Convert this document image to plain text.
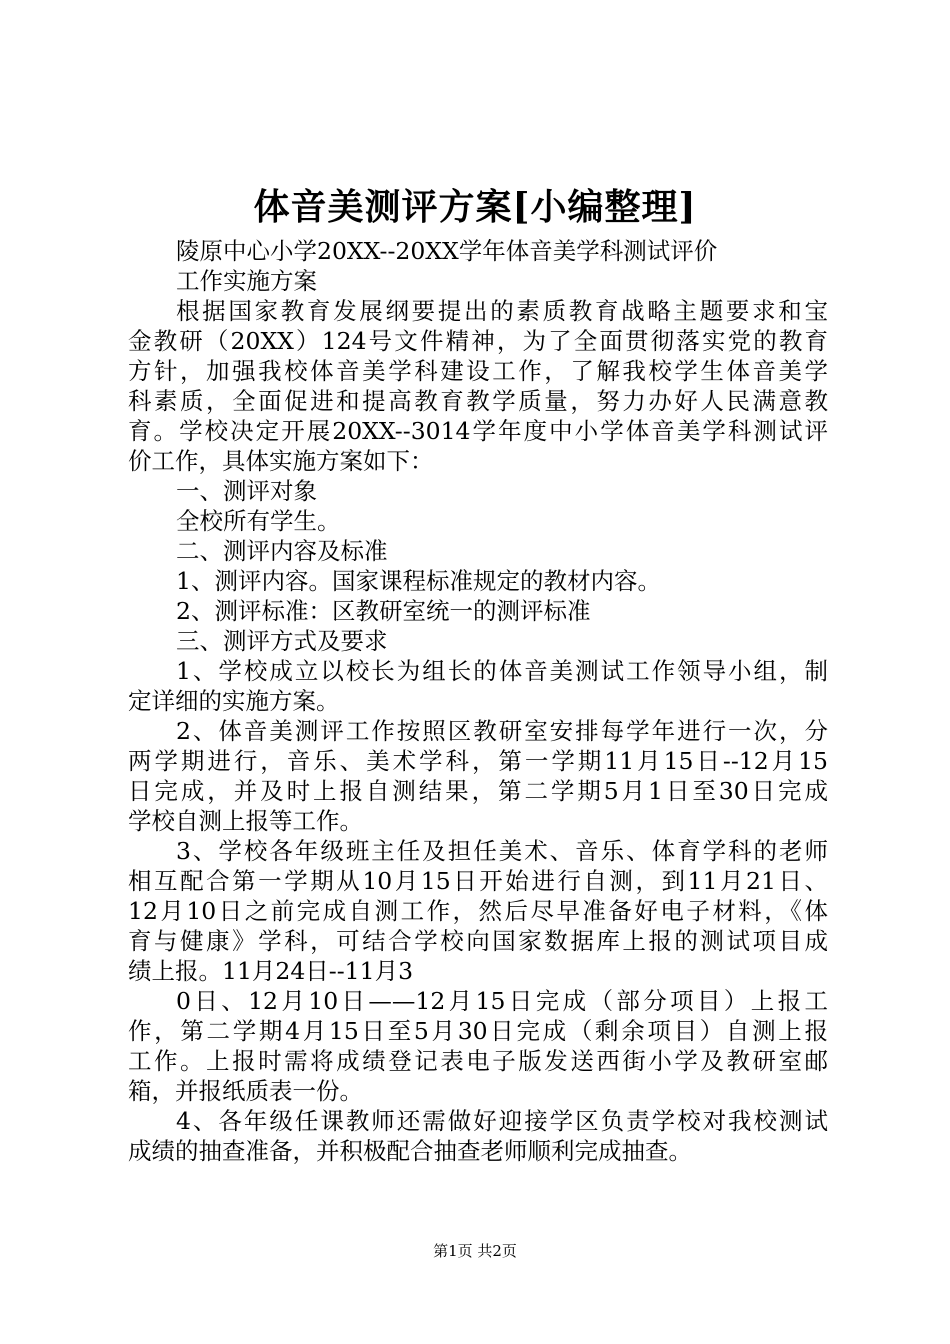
体音美测评方案[小编整理]
陵原中心小学20XX--20XX学年体音美学科测试评价
工作实施方案
根据国家教育发展纲要提出的素质教育战略主题要求和宝
金教研（20XX）124号文件精神，为了全面贯彻落实党的教育
方针，加强我校体音美学科建设工作，了解我校学生体音美学
科素质，全面促进和提高教育教学质量，努力办好人民满意教
育。学校决定开展20XX--3014学年度中小学体音美学科测试评
价工作，具体实施方案如下：
一、测评对象
全校所有学生。
二、测评内容及标准
1、测评内容。国家课程标准规定的教材内容。
2、测评标准：区教研室统一的测评标准
三、测评方式及要求
1、学校成立以校长为组长的体音美测试工作领导小组，制
定详细的实施方案。
2、体音美测评工作按照区教研室安排每学年进行一次，分
两学期进行，音乐、美术学科，第一学期11月15日--12月15
日完成，并及时上报自测结果，第二学期5月1日至30日完成
学校自测上报等工作。
3、学校各年级班主任及担任美术、音乐、体育学科的老师
相互配合第一学期从10月15日开始进行自测，到11月21日、
12月10日之前完成自测工作，然后尽早准备好电子材料，《体
育与健康》学科，可结合学校向国家数据库上报的测试项目成
绩上报。11月24日--11月3
0日、12月10日——12月15日完成（部分项目）上报工
作，第二学期4月15日至5月30日完成（剩余项目）自测上报
工作。上报时需将成绩登记表电子版发送西街小学及教研室邮
箱，并报纸质表一份。
4、各年级任课教师还需做好迎接学区负责学校对我校测试
成绩的抽查准备，并积极配合抽查老师顺利完成抽查。
第1页 共2页
